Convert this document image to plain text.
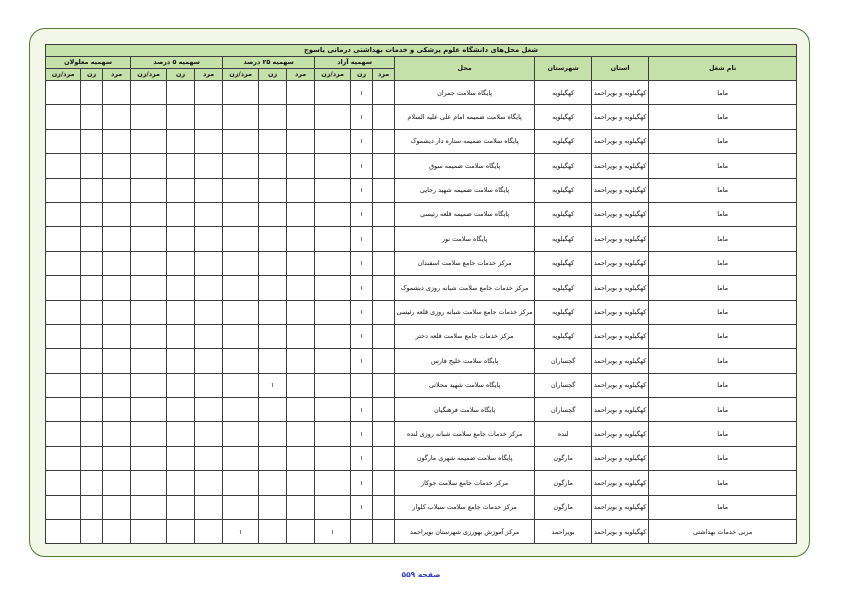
شغل محل‌های دانشگاه علوم پزشکی و خدمات بهداشتی درمانی یاسوج															
نام شغل	استان	شهرستان	محل	سهمیه آزاد			سهمیه ۲۵ درصد			سهمیه ۵ درصد			سهمیه معلولان		
				مرد	زن	مرد/زن	مرد	زن	مرد/زن	مرد	زن	مرد/زن	مرد	زن	مرد/زن
ماما	کهگیلویه و بویراحمد	کهگیلویه	پایگاه سلامت جمران		۱										
ماما	کهگیلویه و بویراحمد	کهگیلویه	پایگاه سلامت ضمیمه امام علی علیه السلام		۱										
ماما	کهگیلویه و بویراحمد	کهگیلویه	پایگاه سلامت ضمیمه ستاره دار دیشموک		۱										
ماما	کهگیلویه و بویراحمد	کهگیلویه	پایگاه سلامت ضمیمه سوق		۱										
ماما	کهگیلویه و بویراحمد	کهگیلویه	پایگاه سلامت ضمیمه شهید رجایی		۱										
ماما	کهگیلویه و بویراحمد	کهگیلویه	پایگاه سلامت ضمیمه قلعه رئیسی		۱										
ماما	کهگیلویه و بویراحمد	کهگیلویه	پایگاه سلامت نور		۱										
ماما	کهگیلویه و بویراحمد	کهگیلویه	مرکز خدمات جامع سلامت اسفندان		۱										
ماما	کهگیلویه و بویراحمد	کهگیلویه	مرکز خدمات جامع سلامت شبانه روزی دیشموک		۱										
ماما	کهگیلویه و بویراحمد	کهگیلویه	مرکز خدمات جامع سلامت شبانه روزی قلعه رئیسی		۱										
ماما	کهگیلویه و بویراحمد	کهگیلویه	مرکز خدمات جامع سلامت قلعه دختر		۱										
ماما	کهگیلویه و بویراحمد	گچساران	پایگاه سلامت خلیج فارس		۱										
ماما	کهگیلویه و بویراحمد	گچساران	پایگاه سلامت شهید محلاتی					۱							
ماما	کهگیلویه و بویراحمد	گچساران	پایگاه سلامت فرهنگیان		۱										
ماما	کهگیلویه و بویراحمد	لنده	مرکز خدمات جامع سلامت شبانه روزی لنده		۱										
ماما	کهگیلویه و بویراحمد	مارگون	پایگاه سلامت ضمیمه شهری مارگون		۱										
ماما	کهگیلویه و بویراحمد	مارگون	مرکز خدمات جامع سلامت جوکار		۱										
ماما	کهگیلویه و بویراحمد	مارگون	مرکز خدمات جامع سلامت سیلاب کلوار		۱										
مربی خدمات بهداشتی	کهگیلویه و بویراحمد	بویراحمد	مرکز آموزش بهورزی شهرستان بویراحمد			۱			۱						
صفحه ۵۵۹
